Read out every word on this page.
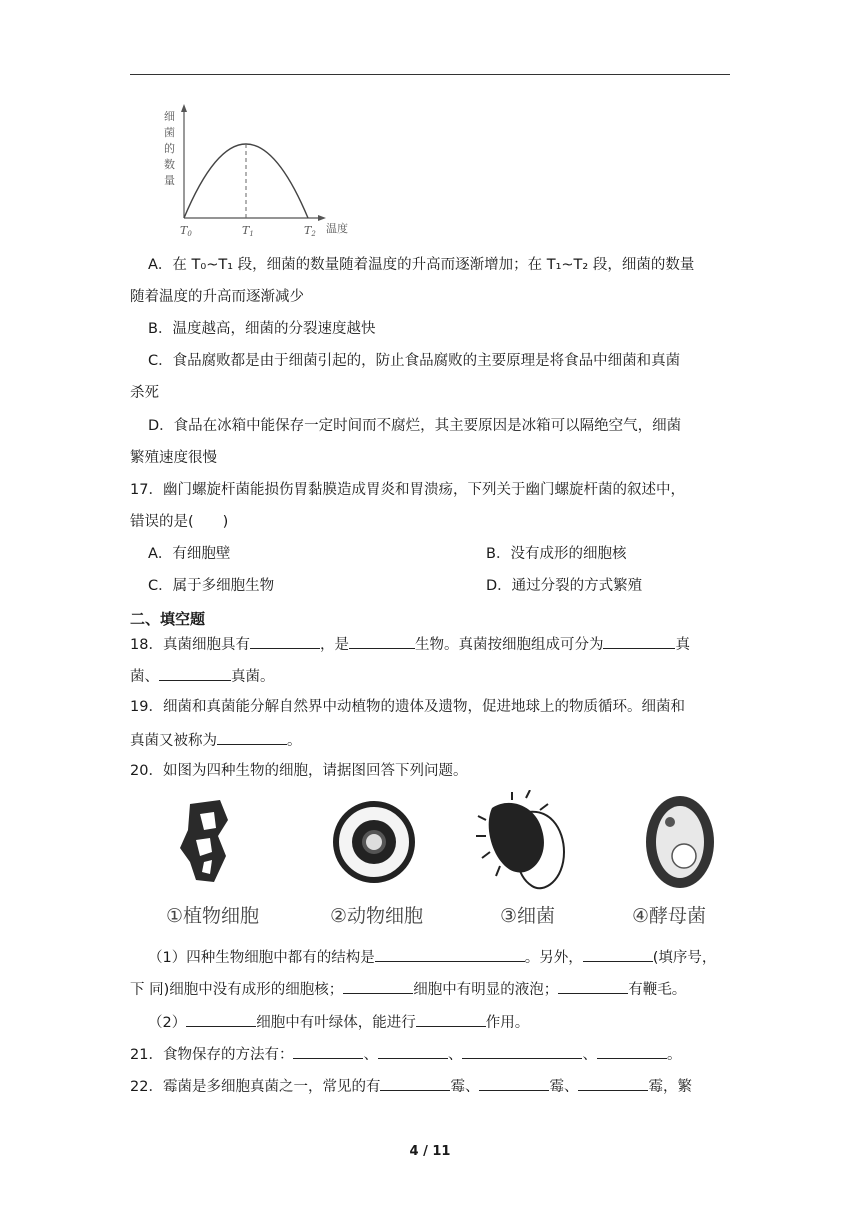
细
菌
的
数
量
T0	T1	T2 温度
A．在 T₀~T₁ 段，细菌的数量随着温度的升高而逐渐增加；在 T₁~T₂ 段，细菌的数量
随着温度的升高而逐渐减少
B．温度越高，细菌的分裂速度越快
C．食品腐败都是由于细菌引起的，防止食品腐败的主要原理是将食品中细菌和真菌
杀死
D．食品在冰箱中能保存一定时间而不腐烂，其主要原因是冰箱可以隔绝空气，细菌
繁殖速度很慢
17．幽门螺旋杆菌能损伤胃黏膜造成胃炎和胃溃疡，下列关于幽门螺旋杆菌的叙述中，
错误的是(　　)
A．有细胞壁	B．没有成形的细胞核
C．属于多细胞生物	D．通过分裂的方式繁殖
二、填空题
18．真菌细胞具有	，是	生物。真菌按细胞组成可分为	真
菌、	真菌。
19．细菌和真菌能分解自然界中动植物的遗体及遗物，促进地球上的物质循环。细菌和
真菌又被称为	。
20．如图为四种生物的细胞，请据图回答下列问题。
①植物细胞	②动物细胞	③细菌	④酵母菌
（1）四种生物细胞中都有的结构是	。另外，	(填序号，
下 同)细胞中没有成形的细胞核；	细胞中有明显的液泡；	有鞭毛。
（2）	细胞中有叶绿体，能进行	作用。
21．食物保存的方法有：	、	、	、	。
22．霉菌是多细胞真菌之一，常见的有	霉、	霉、	霉，繁
4 / 11
